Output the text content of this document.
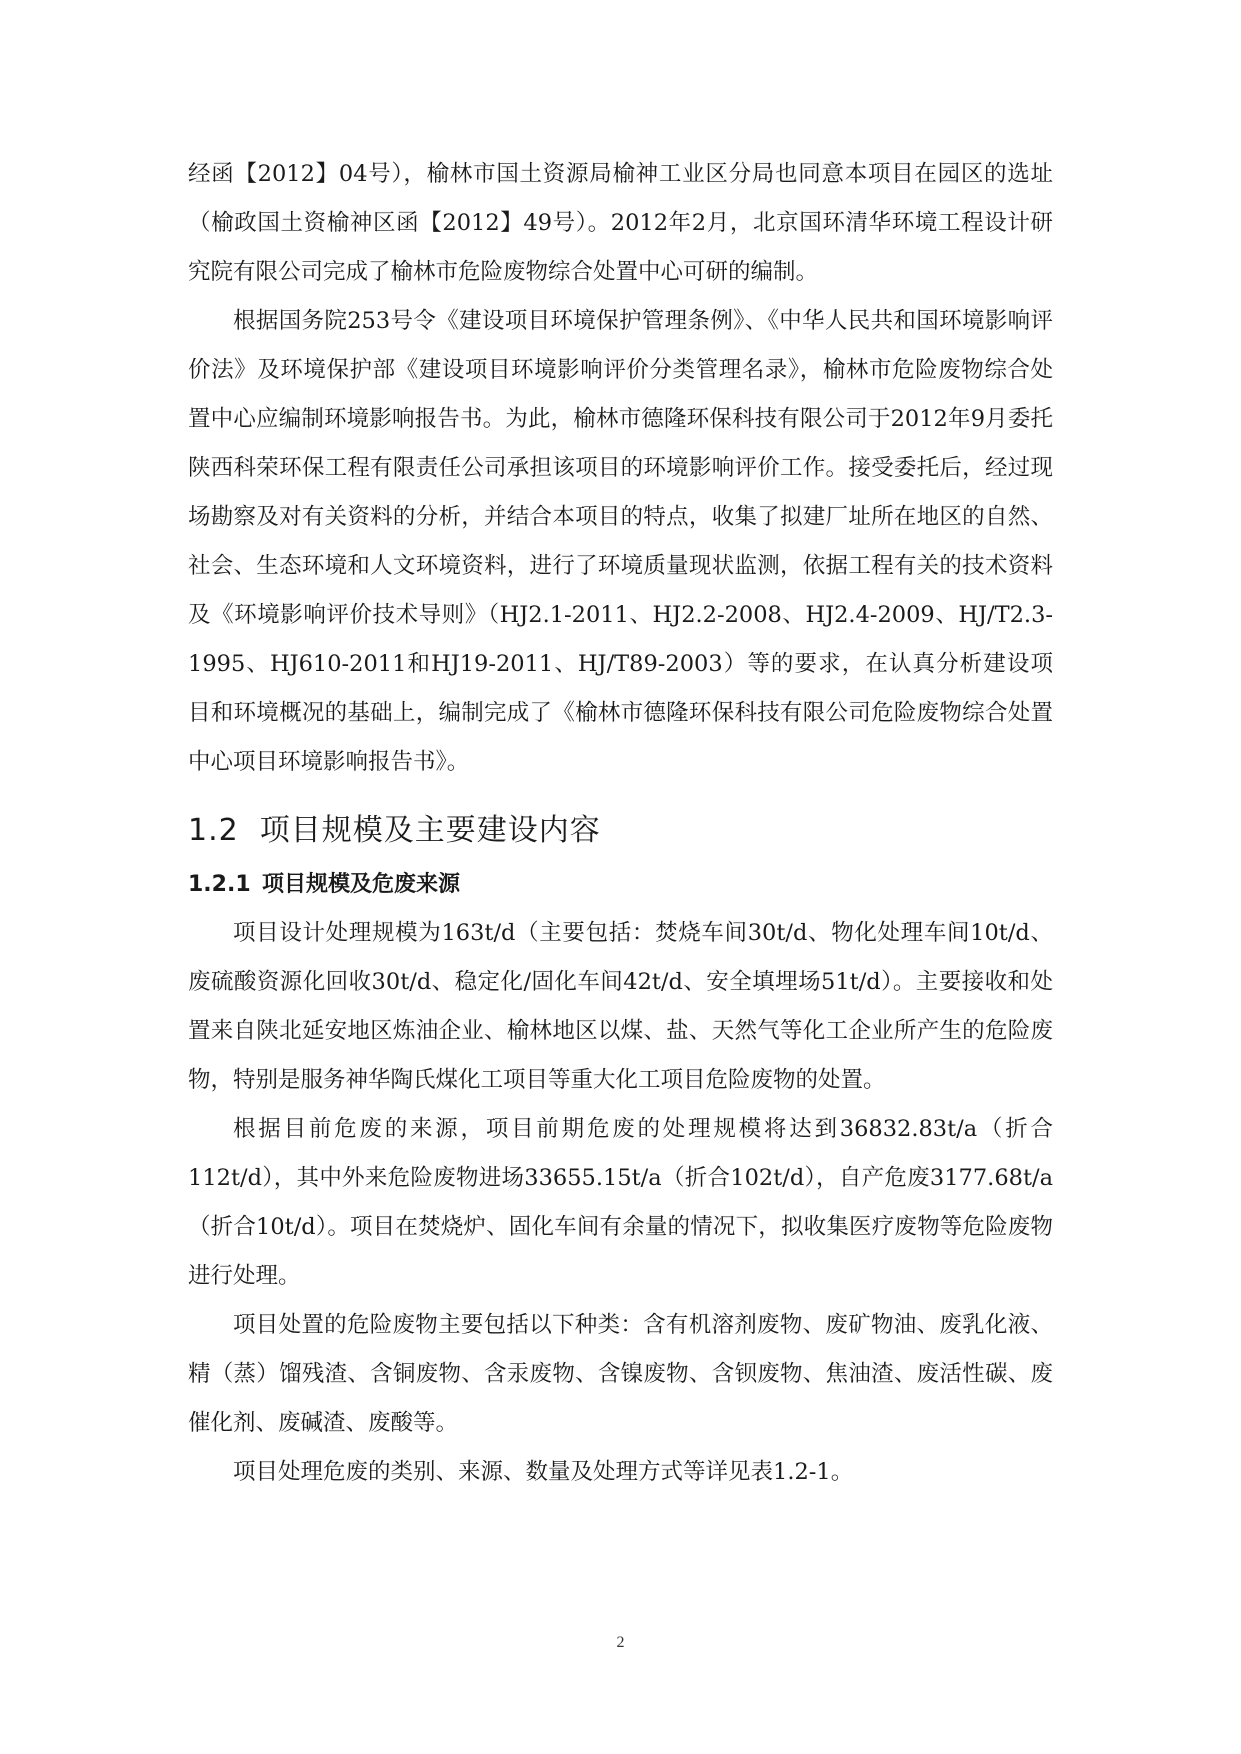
经函【2012】04号），榆林市国土资源局榆神工业区分局也同意本项目在园区的选址（榆政国土资榆神区函【2012】49号）。2012年2月，北京国环清华环境工程设计研究院有限公司完成了榆林市危险废物综合处置中心可研的编制。

根据国务院253号令《建设项目环境保护管理条例》、《中华人民共和国环境影响评价法》及环境保护部《建设项目环境影响评价分类管理名录》，榆林市危险废物综合处置中心应编制环境影响报告书。为此，榆林市德隆环保科技有限公司于2012年9月委托陕西科荣环保工程有限责任公司承担该项目的环境影响评价工作。接受委托后，经过现场勘察及对有关资料的分析，并结合本项目的特点，收集了拟建厂址所在地区的自然、社会、生态环境和人文环境资料，进行了环境质量现状监测，依据工程有关的技术资料及《环境影响评价技术导则》（HJ2.1-2011、HJ2.2-2008、HJ2.4-2009、HJ/T2.3-1995、HJ610-2011和HJ19-2011、HJ/T89-2003）等的要求，在认真分析建设项目和环境概况的基础上，编制完成了《榆林市德隆环保科技有限公司危险废物综合处置中心项目环境影响报告书》。

1.2 项目规模及主要建设内容
1.2.1 项目规模及危废来源

项目设计处理规模为163t/d（主要包括：焚烧车间30t/d、物化处理车间10t/d、废硫酸资源化回收30t/d、稳定化/固化车间42t/d、安全填埋场51t/d）。主要接收和处置来自陕北延安地区炼油企业、榆林地区以煤、盐、天然气等化工企业所产生的危险废物，特别是服务神华陶氏煤化工项目等重大化工项目危险废物的处置。

根据目前危废的来源，项目前期危废的处理规模将达到36832.83t/a（折合112t/d），其中外来危险废物进场33655.15t/a（折合102t/d），自产危废3177.68t/a（折合10t/d）。项目在焚烧炉、固化车间有余量的情况下，拟收集医疗废物等危险废物进行处理。

项目处置的危险废物主要包括以下种类：含有机溶剂废物、废矿物油、废乳化液、精（蒸）馏残渣、含铜废物、含汞废物、含镍废物、含钡废物、焦油渣、废活性碳、废催化剂、废碱渣、废酸等。

项目处理危废的类别、来源、数量及处理方式等详见表1.2-1。

2
